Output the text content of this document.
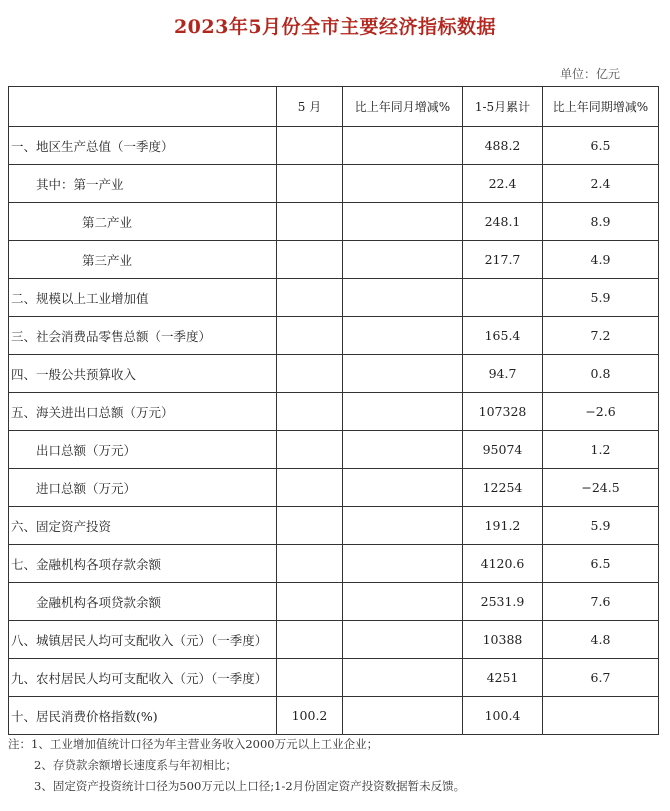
2023年5月份全市主要经济指标数据
单位：亿元
	5 月	比上年同月增减%	1-5月累计	比上年同期增减%
一、地区生产总值（一季度）			488.2	6.5
其中：第一产业			22.4	2.4
第二产业			248.1	8.9
第三产业			217.7	4.9
二、规模以上工业增加值				5.9
三、社会消费品零售总额（一季度）			165.4	7.2
四、一般公共预算收入			94.7	0.8
五、海关进出口总额（万元）			107328	−2.6
出口总额（万元）			95074	1.2
进口总额（万元）			12254	−24.5
六、固定资产投资			191.2	5.9
七、金融机构各项存款余额			4120.6	6.5
金融机构各项贷款余额			2531.9	7.6
八、城镇居民人均可支配收入（元）（一季度）			10388	4.8
九、农村居民人均可支配收入（元）（一季度）			4251	6.7
十、居民消费价格指数(%)	100.2		100.4	
注：1、工业增加值统计口径为年主营业务收入2000万元以上工业企业；
2、存贷款余额增长速度系与年初相比；
3、固定资产投资统计口径为500万元以上口径;1-2月份固定资产投资数据暂未反馈。
